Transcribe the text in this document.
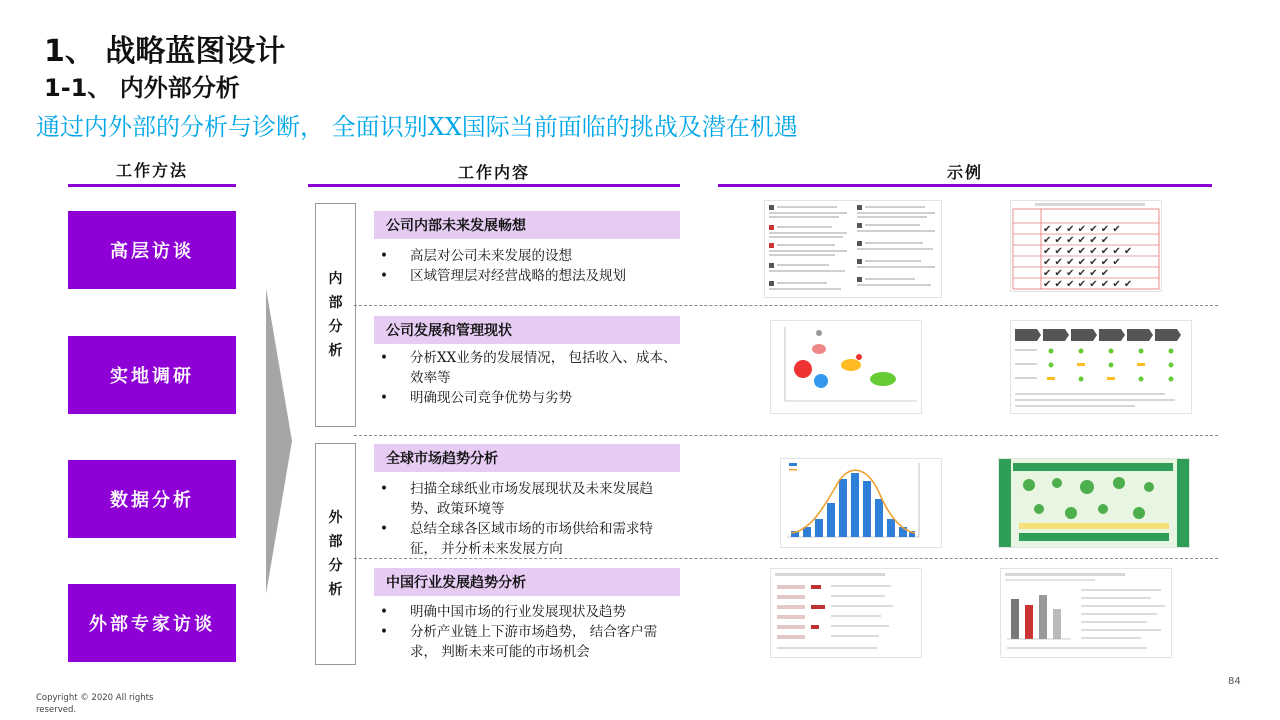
1、 战略蓝图设计
1-1、 内外部分析
通过内外部的分析与诊断， 全面识别XX国际当前面临的挑战及潜在机遇
工作方法	工作内容	示例
高层访谈
实地调研
数据分析
外部专家访谈
内
部
分
析
外
部
分
析
公司内部未来发展畅想
• 高层对公司未来发展的设想
• 区域管理层对经营战略的想法及规划
公司发展和管理现状
• 分析XX业务的发展情况， 包括收入、成本、 效率等
• 明确现公司竞争优势与劣势
全球市场趋势分析
• 扫描全球纸业市场发展现状及未来发展趋势、政策环境等
• 总结全球各区域市场的市场供给和需求特征， 并分析未来发展方向
中国行业发展趋势分析
• 明确中国市场的行业发展现状及趋势
• 分析产业链上下游市场趋势， 结合客户需求， 判断未来可能的市场机会
✔ ✔ ✔ ✔ ✔ ✔ ✔
✔ ✔ ✔ ✔ ✔ ✔
✔ ✔ ✔ ✔ ✔ ✔ ✔ ✔
✔ ✔ ✔ ✔ ✔ ✔ ✔
✔ ✔ ✔ ✔ ✔ ✔
✔ ✔ ✔ ✔ ✔ ✔ ✔ ✔
Copyright © 2020 All rights reserved.
84
